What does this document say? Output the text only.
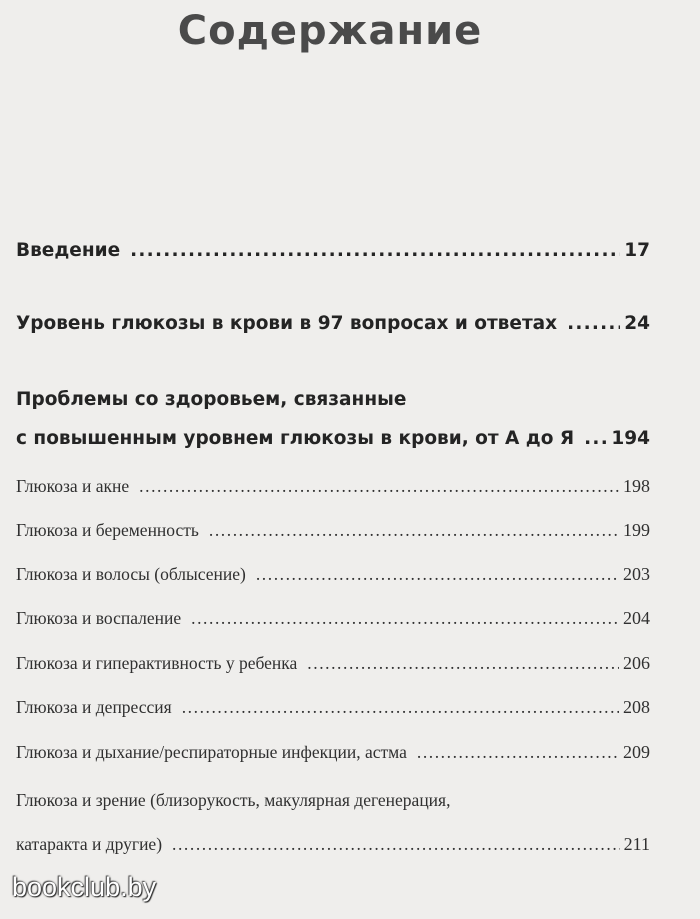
Содержание
Введение . . .	17
Уровень глюкозы в крови в 97 вопросах и ответах . . .	24
Проблемы со здоровьем, связанные
с повышенным уровнем глюкозы в крови, от А до Я . . . 194
Глюкоза и акне . . .	198
Глюкоза и беременность . . .	199
Глюкоза и волосы (облысение) . . .	203
Глюкоза и воспаление . . .	204
Глюкоза и гиперактивность у ребенка . . .	206
Глюкоза и депрессия . . .	208
Глюкоза и дыхание/респираторные инфекции, астма . . .	209
Глюкоза и зрение (близорукость, макулярная дегенерация,
катаракта и другие) . . .	211
bookclub.by
